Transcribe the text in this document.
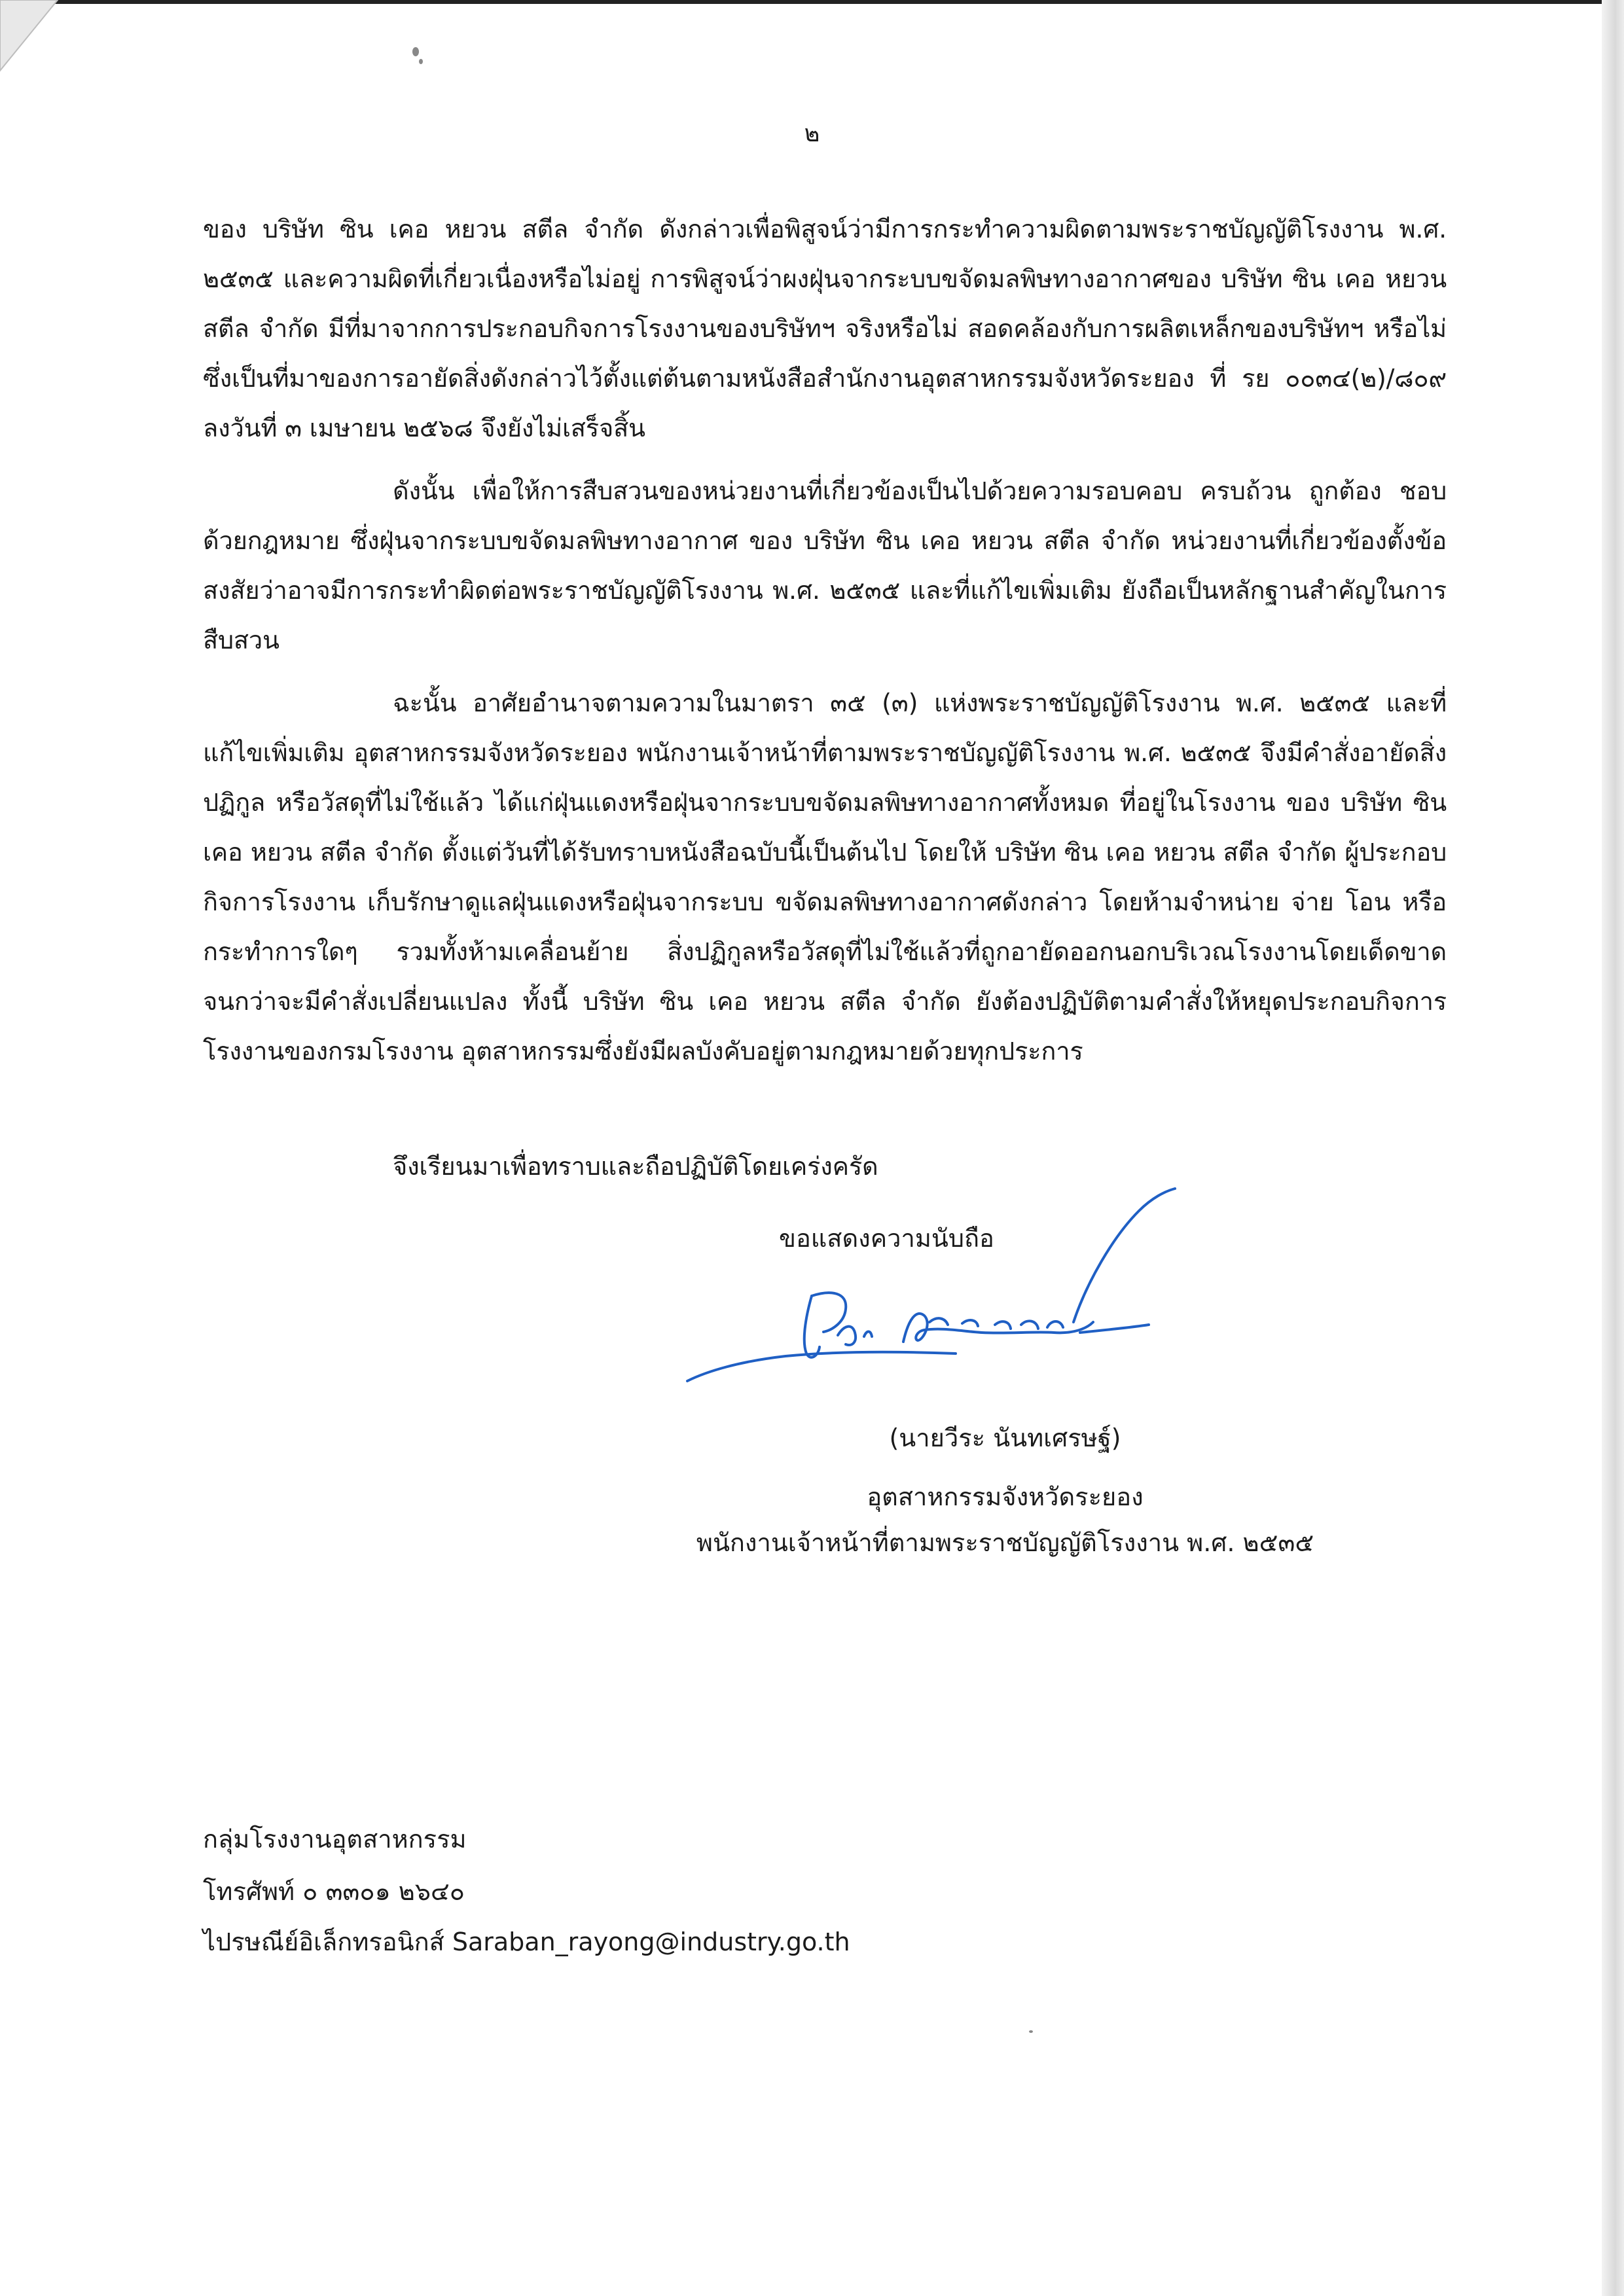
๒
ของ บริษัท ซิน เคอ หยวน สตีล จำกัด ดังกล่าวเพื่อพิสูจน์ว่ามีการกระทำความผิดตามพระราชบัญญัติโรงงาน พ.ศ. ๒๕๓๕ และความผิดที่เกี่ยวเนื่องหรือไม่อยู่ การพิสูจน์ว่าผงฝุ่นจากระบบขจัดมลพิษทางอากาศของ บริษัท ซิน เคอ หยวน สตีล จำกัด มีที่มาจากการประกอบกิจการโรงงานของบริษัทฯ จริงหรือไม่ สอดคล้องกับการผลิตเหล็กของบริษัทฯ หรือไม่ ซึ่งเป็นที่มาของการอายัดสิ่งดังกล่าวไว้ตั้งแต่ต้นตามหนังสือสำนักงานอุตสาหกรรมจังหวัดระยอง ที่ รย ๐๐๓๔(๒)/๘๐๙ ลงวันที่ ๓ เมษายน ๒๕๖๘ จึงยังไม่เสร็จสิ้น
ดังนั้น เพื่อให้การสืบสวนของหน่วยงานที่เกี่ยวข้องเป็นไปด้วยความรอบคอบ ครบถ้วน ถูกต้อง ชอบด้วยกฎหมาย ซึ่งฝุ่นจากระบบขจัดมลพิษทางอากาศ ของ บริษัท ซิน เคอ หยวน สตีล จำกัด หน่วยงานที่เกี่ยวข้องตั้งข้อสงสัยว่าอาจมีการกระทำผิดต่อพระราชบัญญัติโรงงาน พ.ศ. ๒๕๓๕ และที่แก้ไขเพิ่มเติม ยังถือเป็นหลักฐานสำคัญในการสืบสวน
ฉะนั้น อาศัยอำนาจตามความในมาตรา ๓๕ (๓) แห่งพระราชบัญญัติโรงงาน พ.ศ. ๒๕๓๕ และที่แก้ไขเพิ่มเติม อุตสาหกรรมจังหวัดระยอง พนักงานเจ้าหน้าที่ตามพระราชบัญญัติโรงงาน พ.ศ. ๒๕๓๕ จึงมีคำสั่งอายัดสิ่งปฏิกูล หรือวัสดุที่ไม่ใช้แล้ว ได้แก่ฝุ่นแดงหรือฝุ่นจากระบบขจัดมลพิษทางอากาศทั้งหมด ที่อยู่ในโรงงาน ของ บริษัท ซิน เคอ หยวน สตีล จำกัด ตั้งแต่วันที่ได้รับทราบหนังสือฉบับนี้เป็นต้นไป โดยให้ บริษัท ซิน เคอ หยวน สตีล จำกัด ผู้ประกอบกิจการโรงงาน เก็บรักษาดูแลฝุ่นแดงหรือฝุ่นจากระบบ ขจัดมลพิษทางอากาศดังกล่าว โดยห้ามจำหน่าย จ่าย โอน หรือกระทำการใดๆ รวมทั้งห้ามเคลื่อนย้าย สิ่งปฏิกูลหรือวัสดุที่ไม่ใช้แล้วที่ถูกอายัดออกนอกบริเวณโรงงานโดยเด็ดขาด จนกว่าจะมีคำสั่งเปลี่ยนแปลง ทั้งนี้ บริษัท ซิน เคอ หยวน สตีล จำกัด ยังต้องปฏิบัติตามคำสั่งให้หยุดประกอบกิจการโรงงานของกรมโรงงาน อุตสาหกรรมซึ่งยังมีผลบังคับอยู่ตามกฎหมายด้วยทุกประการ
จึงเรียนมาเพื่อทราบและถือปฏิบัติโดยเคร่งครัด
ขอแสดงความนับถือ
(นายวีระ นันทเศรษฐ์)
อุตสาหกรรมจังหวัดระยอง
พนักงานเจ้าหน้าที่ตามพระราชบัญญัติโรงงาน พ.ศ. ๒๕๓๕
กลุ่มโรงงานอุตสาหกรรม
โทรศัพท์ ๐ ๓๓๐๑ ๒๖๔๐
ไปรษณีย์อิเล็กทรอนิกส์ Saraban_rayong@industry.go.th
